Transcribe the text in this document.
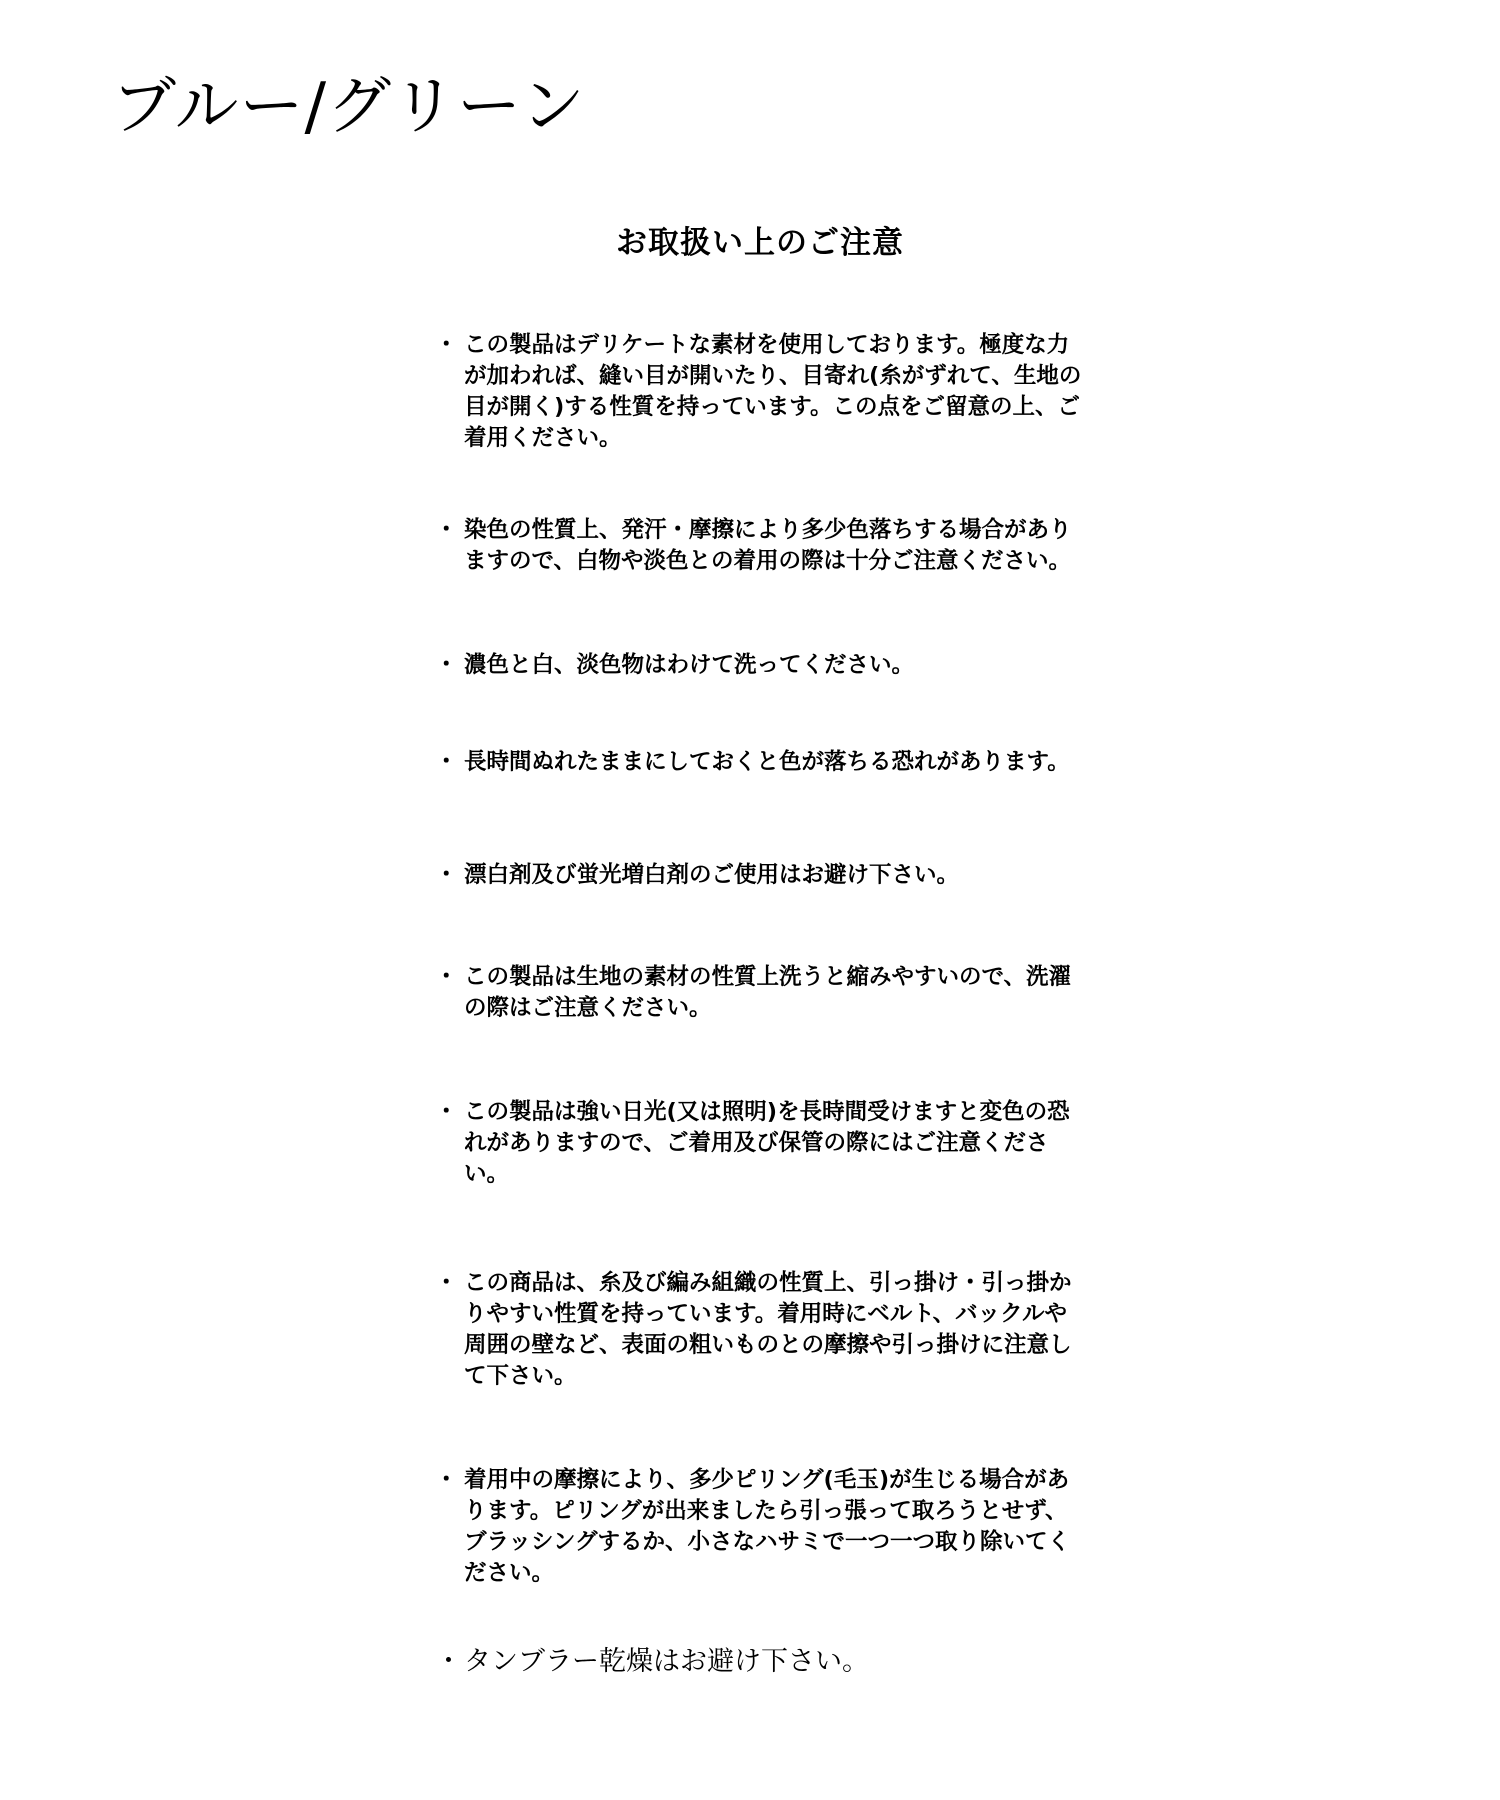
ブルー/グリーン
お取扱い上のご注意
・ この製品はデリケートな素材を使用しております。極度な力が加われば、縫い目が開いたり、目寄れ(糸がずれて、生地の目が開く)する性質を持っています。この点をご留意の上、ご着用ください。
・ 染色の性質上、発汗・摩擦により多少色落ちする場合がありますので、白物や淡色との着用の際は十分ご注意ください。
・ 濃色と白、淡色物はわけて洗ってください。
・ 長時間ぬれたままにしておくと色が落ちる恐れがあります。
・ 漂白剤及び蛍光増白剤のご使用はお避け下さい。
・ この製品は生地の素材の性質上洗うと縮みやすいので、洗濯の際はご注意ください。
・ この製品は強い日光(又は照明)を長時間受けますと変色の恐れがありますので、ご着用及び保管の際にはご注意ください。
・ この商品は、糸及び編み組織の性質上、引っ掛け・引っ掛かりやすい性質を持っています。着用時にベルト、バックルや周囲の壁など、表面の粗いものとの摩擦や引っ掛けに注意して下さい。
・ 着用中の摩擦により、多少ピリング(毛玉)が生じる場合があります。ピリングが出来ましたら引っ張って取ろうとせず、ブラッシングするか、小さなハサミで一つ一つ取り除いてください。
・ タンブラー乾燥はお避け下さい。
